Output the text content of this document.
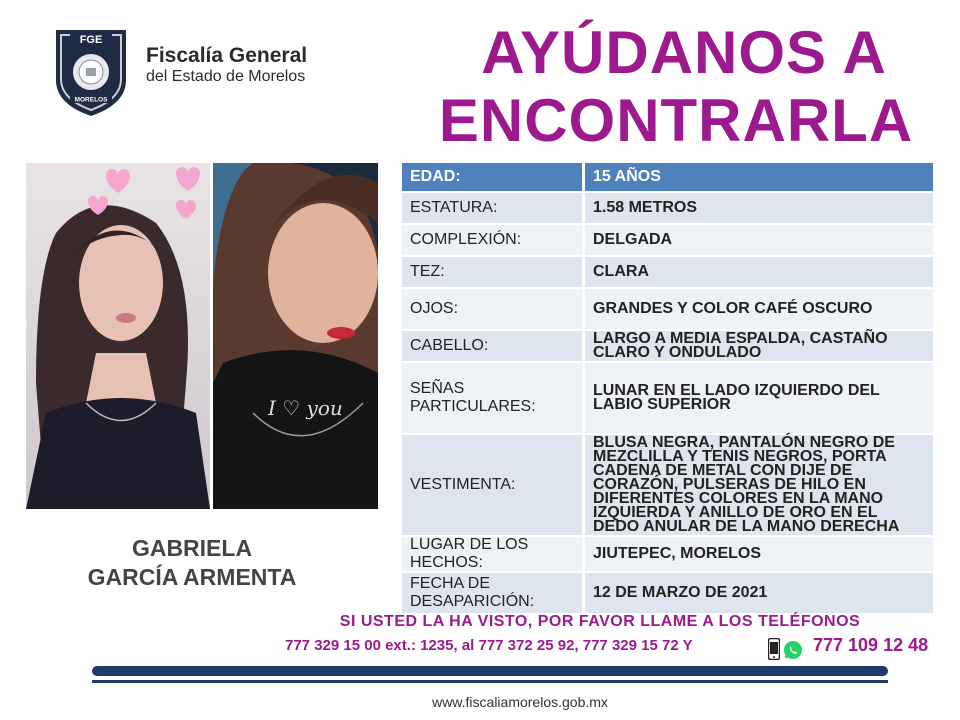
FGE
MORELOS
Fiscalía General
del Estado de Morelos	AYÚDANOS A
ENCONTRARLA
I ♡ you
GABRIELA
GARCÍA ARMENTA
EDAD:	15 AÑOS
ESTATURA:	1.58 METROS
COMPLEXIÓN:	DELGADA
TEZ:	CLARA
OJOS:	GRANDES Y COLOR CAFÉ OSCURO
CABELLO:	LARGO A MEDIA ESPALDA, CASTAÑO CLARO Y ONDULADO
SEÑAS PARTICULARES:
LUNAR EN EL LADO IZQUIERDO DEL LABIO SUPERIOR
VESTIMENTA:
BLUSA NEGRA, PANTALÓN NEGRO DE MEZCLILLA Y TENIS NEGROS, PORTA CADENA DE METAL CON DIJE DE CORAZÓN, PULSERAS DE HILO EN DIFERENTES COLORES EN LA MANO IZQUIERDA Y ANILLO DE ORO EN EL DEDO ANULAR DE LA MANO DERECHA
LUGAR DE LOS HECHOS:
JIUTEPEC, MORELOS
FECHA DE DESAPARICIÓN:
12 DE MARZO DE 2021
SI USTED LA HA VISTO, POR FAVOR LLAME A LOS TELÉFONOS
777 329 15 00 ext.: 1235, al 777 372 25 92, 777 329 15 72 Y	777 109 12 48
www.fiscaliamorelos.gob.mx
